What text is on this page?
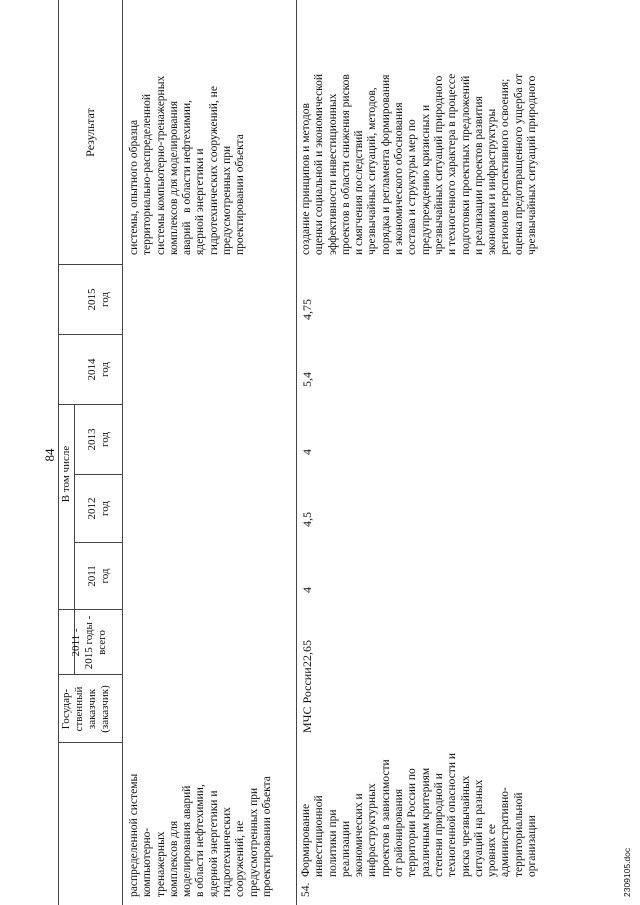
84
Государ-
ственный
заказчик
(заказчик)
2011 -
2015 годы -
всего
В том числе
2011
год
2012
год
2013
год
2014
год
2015
год
Результат
распределенной системы
компьютерно-
тренажерных
комплексов для
моделирования аварий
в области нефтехимии,
ядерной энергетики и
гидротехнических
сооружений, не
предусмотренных при
проектировании объекта
системы, опытного образца
территориально-распределенной
системы компьютерно-тренажерных
комплексов для моделирования
аварий   в области нефтехимии,
ядерной энергетики и
гидротехнических сооружений, не
предусмотренных при
проектировании объекта
54.
Формирование
инвестиционной
политики при
реализации
экономических и
инфраструктурных
проектов в зависимости
от районирования
территории России по
различным критериям
степени природной и
техногенной опасности и
риска чрезвычайных
ситуаций на разных
уровнях ее
административно-
территориальной
организации
МЧС России
22,65
4
4,5
4
5,4
4,75
создание принципов и методов
оценки социальной и экономической
эффективности инвестиционных
проектов в области снижения рисков
и смягчения последствий
чрезвычайных ситуаций, методов,
порядка и регламента формирования
и экономического обоснования
состава и структуры мер по
предупреждению кризисных и
чрезвычайных ситуаций природного
и техногенного характера в процессе
подготовки проектных предложений
и реализации проектов развития
экономики и инфраструктуры
регионов перспективного освоения;
оценка предотвращенного ущерба от
чрезвычайных ситуаций природного
2309105.doc
